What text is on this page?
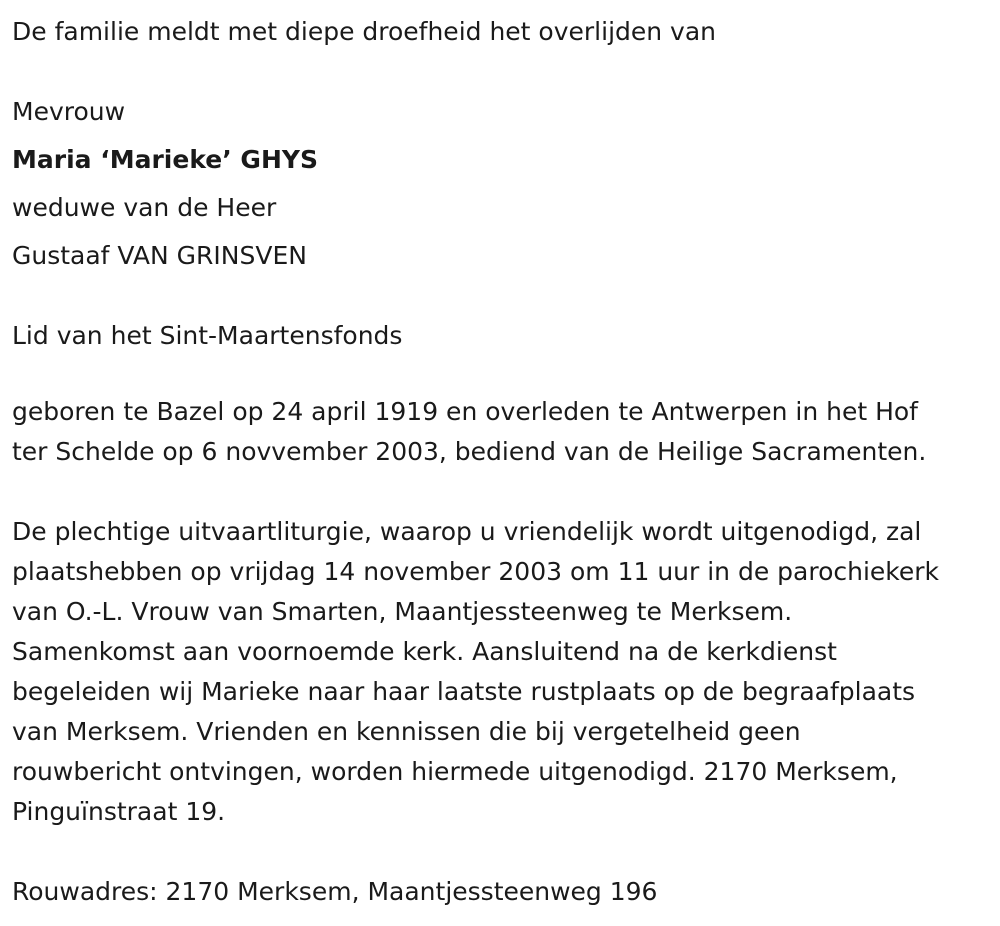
De familie meldt met diepe droefheid het overlijden van

Mevrouw

Maria ‘Marieke’ GHYS

weduwe van de Heer

Gustaaf VAN GRINSVEN

Lid van het Sint-Maartensfonds

geboren te Bazel op 24 april 1919 en overleden te Antwerpen in het Hof
ter Schelde op 6 novvember 2003, bediend van de Heilige Sacramenten.

De plechtige uitvaartliturgie, waarop u vriendelijk wordt uitgenodigd, zal
plaatshebben op vrijdag 14 november 2003 om 11 uur in de parochiekerk
van O.-L. Vrouw van Smarten, Maantjessteenweg te Merksem.
Samenkomst aan voornoemde kerk. Aansluitend na de kerkdienst
begeleiden wij Marieke naar haar laatste rustplaats op de begraafplaats
van Merksem. Vrienden en kennissen die bij vergetelheid geen
rouwbericht ontvingen, worden hiermede uitgenodigd. 2170 Merksem,
Pinguïnstraat 19.

Rouwadres: 2170 Merksem, Maantjessteenweg 196
